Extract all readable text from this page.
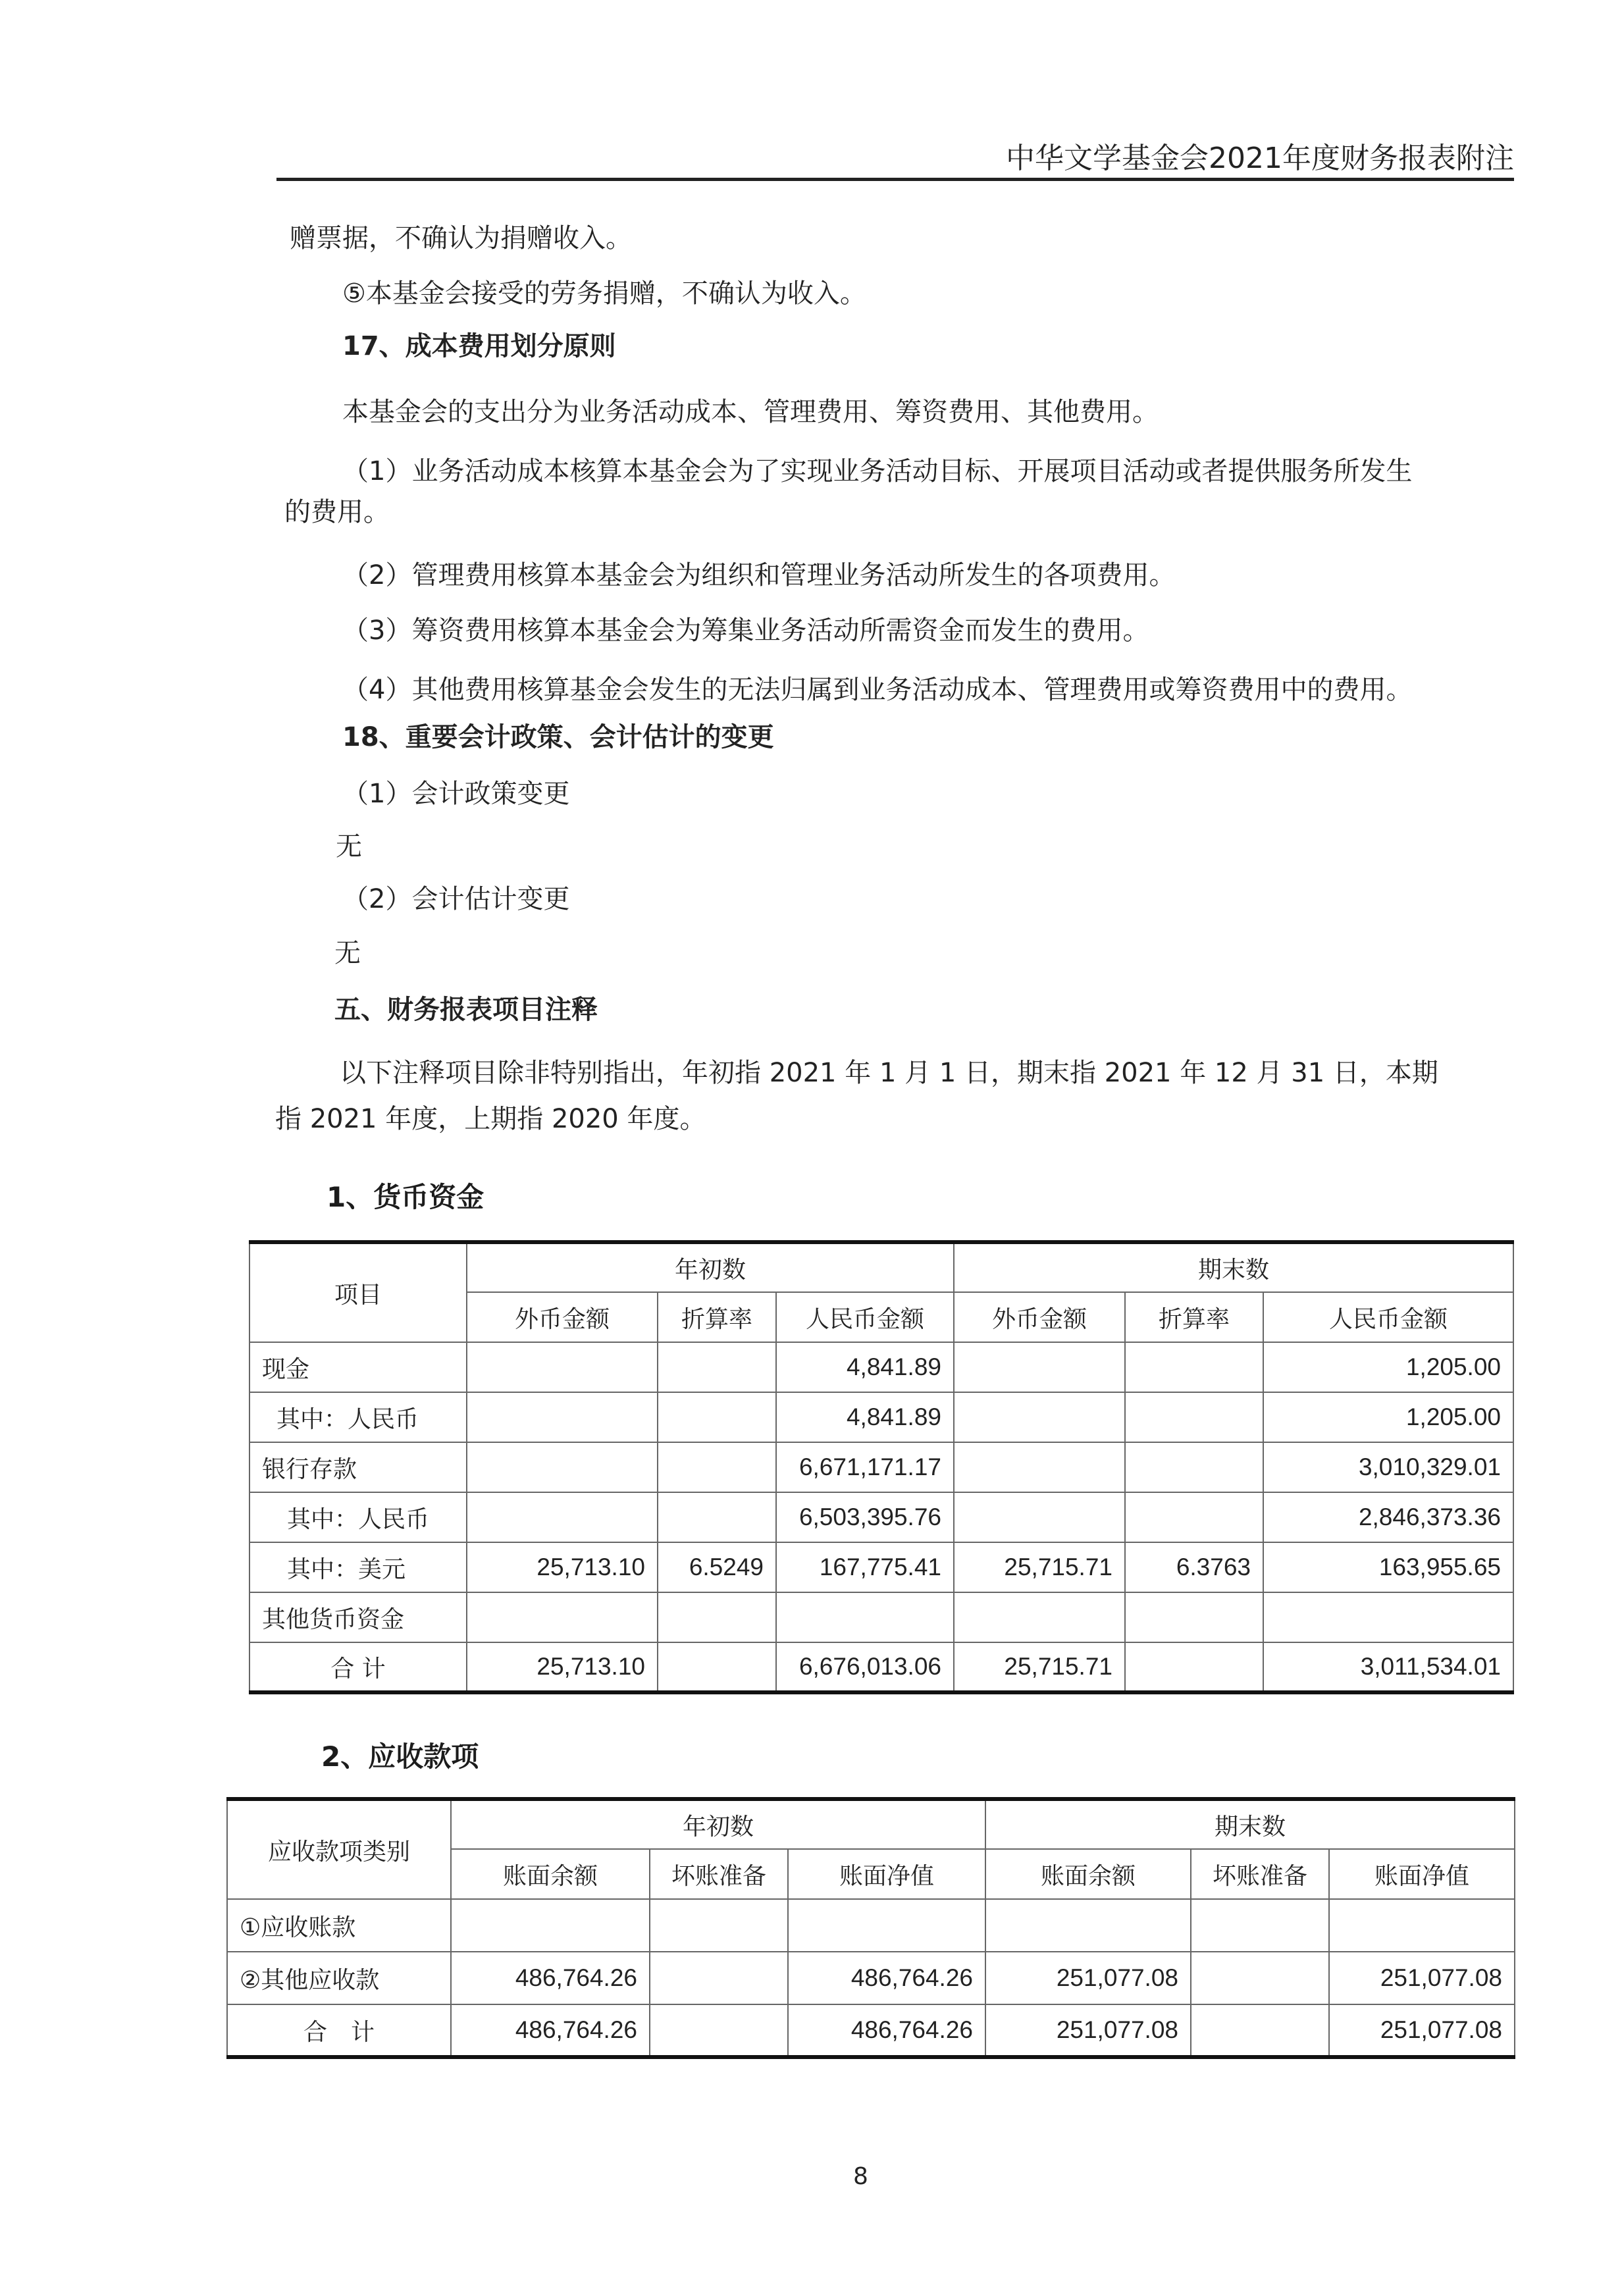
中华文学基金会2021年度财务报表附注
赠票据，不确认为捐赠收入。
⑤本基金会接受的劳务捐赠，不确认为收入。
17、成本费用划分原则
本基金会的支出分为业务活动成本、管理费用、筹资费用、其他费用。
（1）业务活动成本核算本基金会为了实现业务活动目标、开展项目活动或者提供服务所发生
的费用。
（2）管理费用核算本基金会为组织和管理业务活动所发生的各项费用。
（3）筹资费用核算本基金会为筹集业务活动所需资金而发生的费用。
（4）其他费用核算基金会发生的无法归属到业务活动成本、管理费用或筹资费用中的费用。
18、重要会计政策、会计估计的变更
（1）会计政策变更
无
（2）会计估计变更
无
五、财务报表项目注释
以下注释项目除非特别指出，年初指 2021 年 1 月 1 日，期末指 2021 年 12 月 31 日，本期
指 2021 年度，上期指 2020 年度。
1、货币资金
项目	年初数			期末数		
	外币金额	折算率	人民币金额	外币金额	折算率	人民币金额
现金			4,841.89			1,205.00
其中：人民币			4,841.89			1,205.00
银行存款			6,671,171.17			3,010,329.01
其中：人民币			6,503,395.76			2,846,373.36
其中：美元	25,713.10	6.5249	167,775.41	25,715.71	6.3763	163,955.65
其他货币资金						
合 计	25,713.10		6,676,013.06	25,715.71		3,011,534.01
2、应收款项
应收款项类别	年初数			期末数		
	账面余额	坏账准备	账面净值	账面余额	坏账准备	账面净值
①应收账款						
②其他应收款	486,764.26		486,764.26	251,077.08		251,077.08
合　计	486,764.26		486,764.26	251,077.08		251,077.08
8
